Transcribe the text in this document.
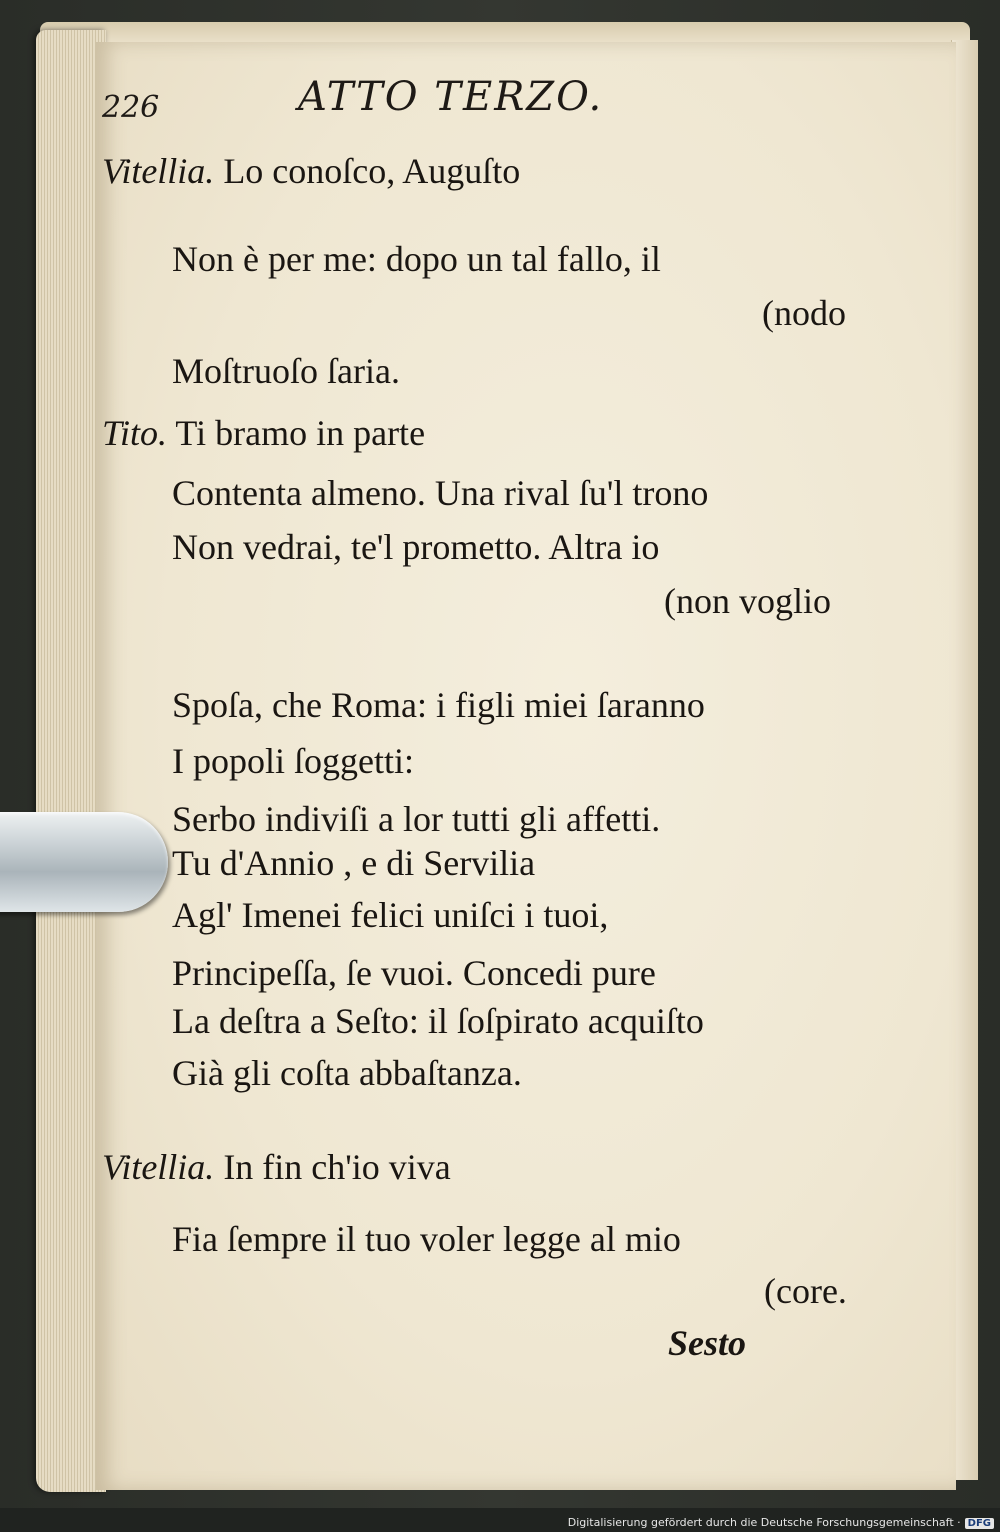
226	ATTO TERZO.
Vitellia. Lo conoſco, Auguſto
Non è per me: dopo un tal fallo, il
(nodo
Moſtruoſo ſaria.
Tito. Ti bramo in parte
Contenta almeno. Una rival ſu'l trono
Non vedrai, te'l prometto. Altra io
(non voglio
Spoſa, che Roma: i figli miei ſaranno
I popoli ſoggetti:
Serbo indiviſi a lor tutti gli affetti.
Tu d'Annio , e di Servilia
Agl' Imenei felici uniſci i tuoi,
Principeſſa, ſe vuoi. Concedi pure
La deſtra a Seſto: il ſoſpirato acquiſto
Già gli coſta abbaſtanza.
Vitellia. In fin ch'io viva
Fia ſempre il tuo voler legge al mio
(core.
Sesto
Digitalisierung gefördert durch die Deutsche Forschungsgemeinschaft · DFG
